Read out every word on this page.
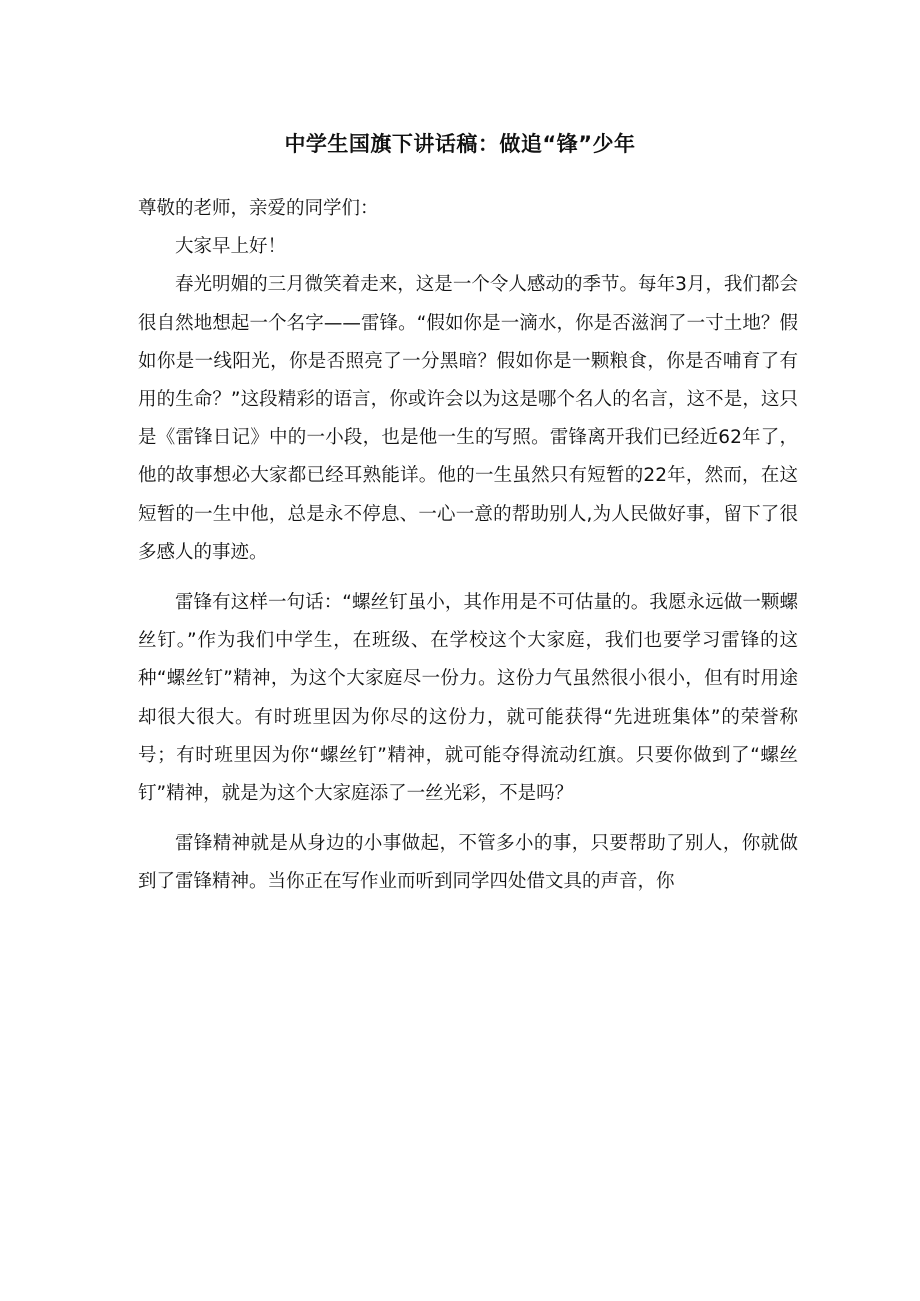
中学生国旗下讲话稿：做追“锋”少年

尊敬的老师，亲爱的同学们：

大家早上好！

春光明媚的三月微笑着走来，这是一个令人感动的季节。每年3月，我们都会很自然地想起一个名字——雷锋。“假如你是一滴水，你是否滋润了一寸土地？假如你是一线阳光，你是否照亮了一分黑暗？假如你是一颗粮食，你是否哺育了有用的生命？”这段精彩的语言，你或许会以为这是哪个名人的名言，这不是，这只是《雷锋日记》中的一小段，也是他一生的写照。雷锋离开我们已经近62年了，他的故事想必大家都已经耳熟能详。他的一生虽然只有短暂的22年，然而，在这短暂的一生中他，总是永不停息、一心一意的帮助别人,为人民做好事，留下了很多感人的事迹。

雷锋有这样一句话：“螺丝钉虽小，其作用是不可估量的。我愿永远做一颗螺丝钉。”作为我们中学生，在班级、在学校这个大家庭，我们也要学习雷锋的这种“螺丝钉”精神，为这个大家庭尽一份力。这份力气虽然很小很小，但有时用途却很大很大。有时班里因为你尽的这份力，就可能获得“先进班集体”的荣誉称号；有时班里因为你“螺丝钉”精神，就可能夺得流动红旗。只要你做到了“螺丝钉”精神，就是为这个大家庭添了一丝光彩，不是吗？

雷锋精神就是从身边的小事做起，不管多小的事，只要帮助了别人，你就做到了雷锋精神。当你正在写作业而听到同学四处借文具的声音，你
